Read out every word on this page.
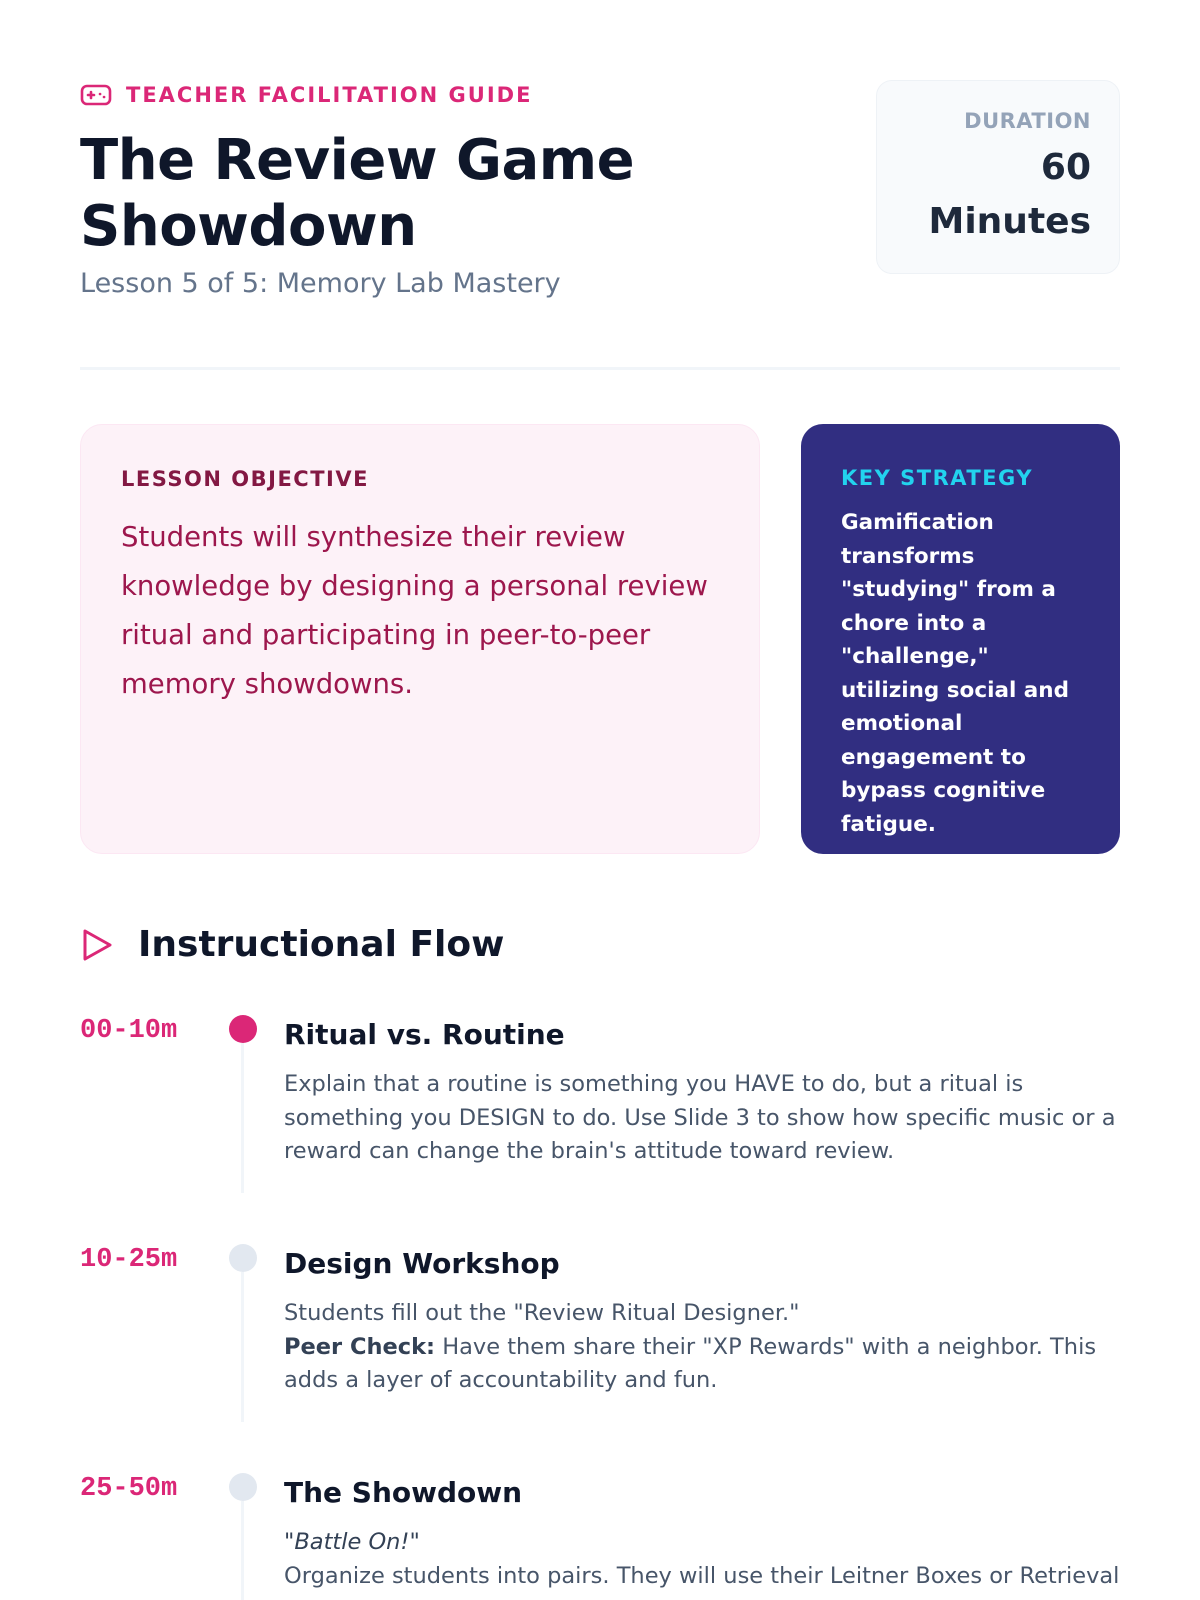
TEACHER FACILITATION GUIDE
The Review Game Showdown
Lesson 5 of 5: Memory Lab Mastery
DURATION
60 Minutes
LESSON OBJECTIVE
Students will synthesize their review knowledge by designing a personal review ritual and participating in peer-to-peer memory showdowns.
KEY STRATEGY
Gamification transforms "studying" from a chore into a "challenge," utilizing social and emotional engagement to bypass cognitive fatigue.
Instructional Flow
00-10m	Ritual vs. Routine
Explain that a routine is something you HAVE to do, but a ritual is something you DESIGN to do. Use Slide 3 to show how specific music or a reward can change the brain's attitude toward review.
10-25m	Design Workshop
Students fill out the "Review Ritual Designer."
Peer Check: Have them share their "XP Rewards" with a neighbor. This adds a layer of accountability and fun.
25-50m	The Showdown
"Battle On!"
Organize students into pairs. They will use their Leitner Boxes or Retrieval
